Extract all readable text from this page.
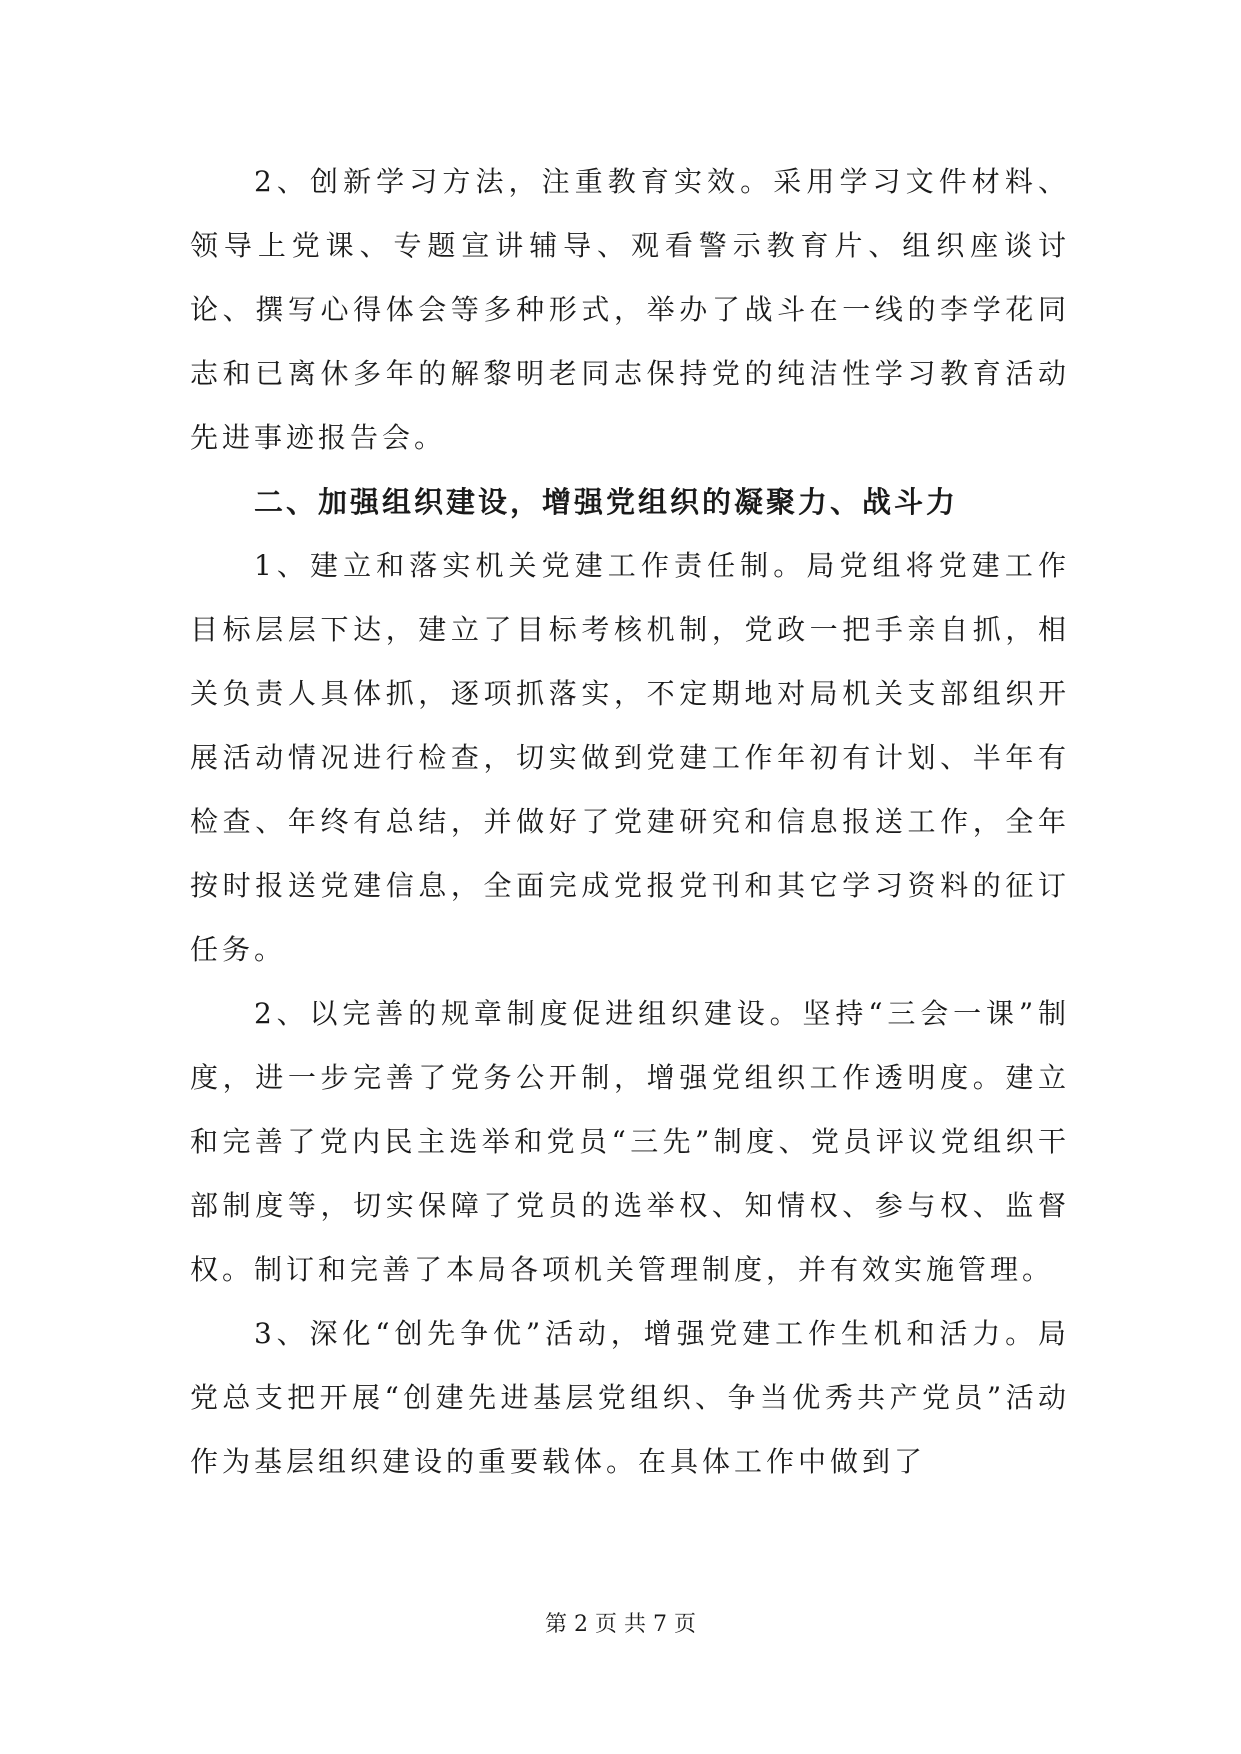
2、创新学习方法，注重教育实效。采用学习文件材料、领导上党课、专题宣讲辅导、观看警示教育片、组织座谈讨论、撰写心得体会等多种形式，举办了战斗在一线的李学花同志和已离休多年的解黎明老同志保持党的纯洁性学习教育活动先进事迹报告会。

二、加强组织建设，增强党组织的凝聚力、战斗力

1、建立和落实机关党建工作责任制。局党组将党建工作目标层层下达，建立了目标考核机制，党政一把手亲自抓，相关负责人具体抓，逐项抓落实，不定期地对局机关支部组织开展活动情况进行检查，切实做到党建工作年初有计划、半年有检查、年终有总结，并做好了党建研究和信息报送工作，全年按时报送党建信息，全面完成党报党刊和其它学习资料的征订任务。

2、以完善的规章制度促进组织建设。坚持“三会一课”制度，进一步完善了党务公开制，增强党组织工作透明度。建立和完善了党内民主选举和党员“三先”制度、党员评议党组织干部制度等，切实保障了党员的选举权、知情权、参与权、监督权。制订和完善了本局各项机关管理制度，并有效实施管理。

3、深化“创先争优”活动，增强党建工作生机和活力。局党总支把开展“创建先进基层党组织、争当优秀共产党员”活动作为基层组织建设的重要载体。在具体工作中做到了

第 2 页 共 7 页
